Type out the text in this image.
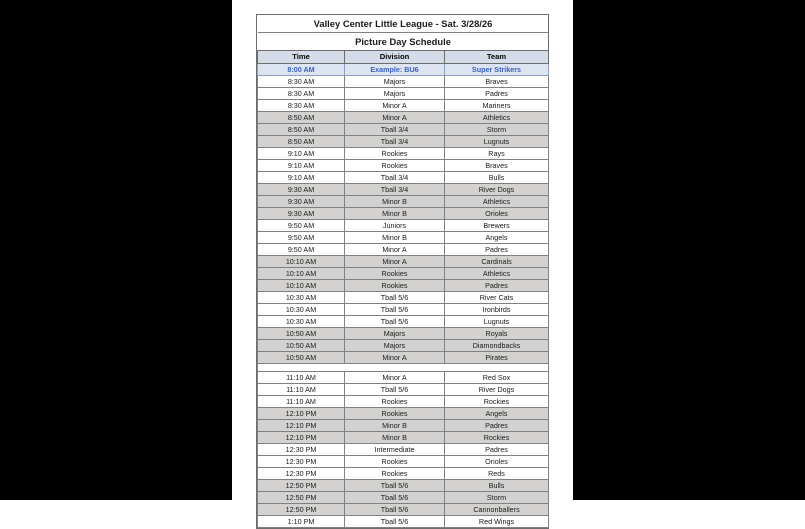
Valley Center Little League - Sat. 3/28/26		
Picture Day Schedule		
Time	Division	Team
8:00 AM	Example: BU6	Super Strikers
8:30 AM	Majors	Braves
8:30 AM	Majors	Padres
8:30 AM	Minor A	Mariners
8:50 AM	Minor A	Athletics
8:50 AM	Tball 3/4	Storm
8:50 AM	Tball 3/4	Lugnuts
9:10 AM	Rookies	Rays
9:10 AM	Rookies	Braves
9:10 AM	Tball 3/4	Bulls
9:30 AM	Tball 3/4	River Dogs
9:30 AM	Minor B	Athletics
9:30 AM	Minor B	Orioles
9:50 AM	Juniors	Brewers
9:50 AM	Minor B	Angels
9:50 AM	Minor A	Padres
10:10 AM	Minor A	Cardinals
10:10 AM	Rookies	Athletics
10:10 AM	Rookies	Padres
10:30 AM	Tball 5/6	River Cats
10:30 AM	Tball 5/6	Ironbirds
10:30 AM	Tball 5/6	Lugnuts
10:50 AM	Majors	Royals
10:50 AM	Majors	Diamondbacks
10:50 AM	Minor A	Pirates

11:10 AM	Minor A	Red Sox
11:10 AM	Tball 5/6	River Dogs
11:10 AM	Rookies	Rockies
12:10 PM	Rookies	Angels
12:10 PM	Minor B	Padres
12:10 PM	Minor B	Rockies
12:30 PM	Intermediate	Padres
12:30 PM	Rookies	Orioles
12:30 PM	Rookies	Reds
12:50 PM	Tball 5/6	Bulls
12:50 PM	Tball 5/6	Storm
12:50 PM	Tball 5/6	Cannonballers
1:10 PM	Tball 5/6	Red Wings
